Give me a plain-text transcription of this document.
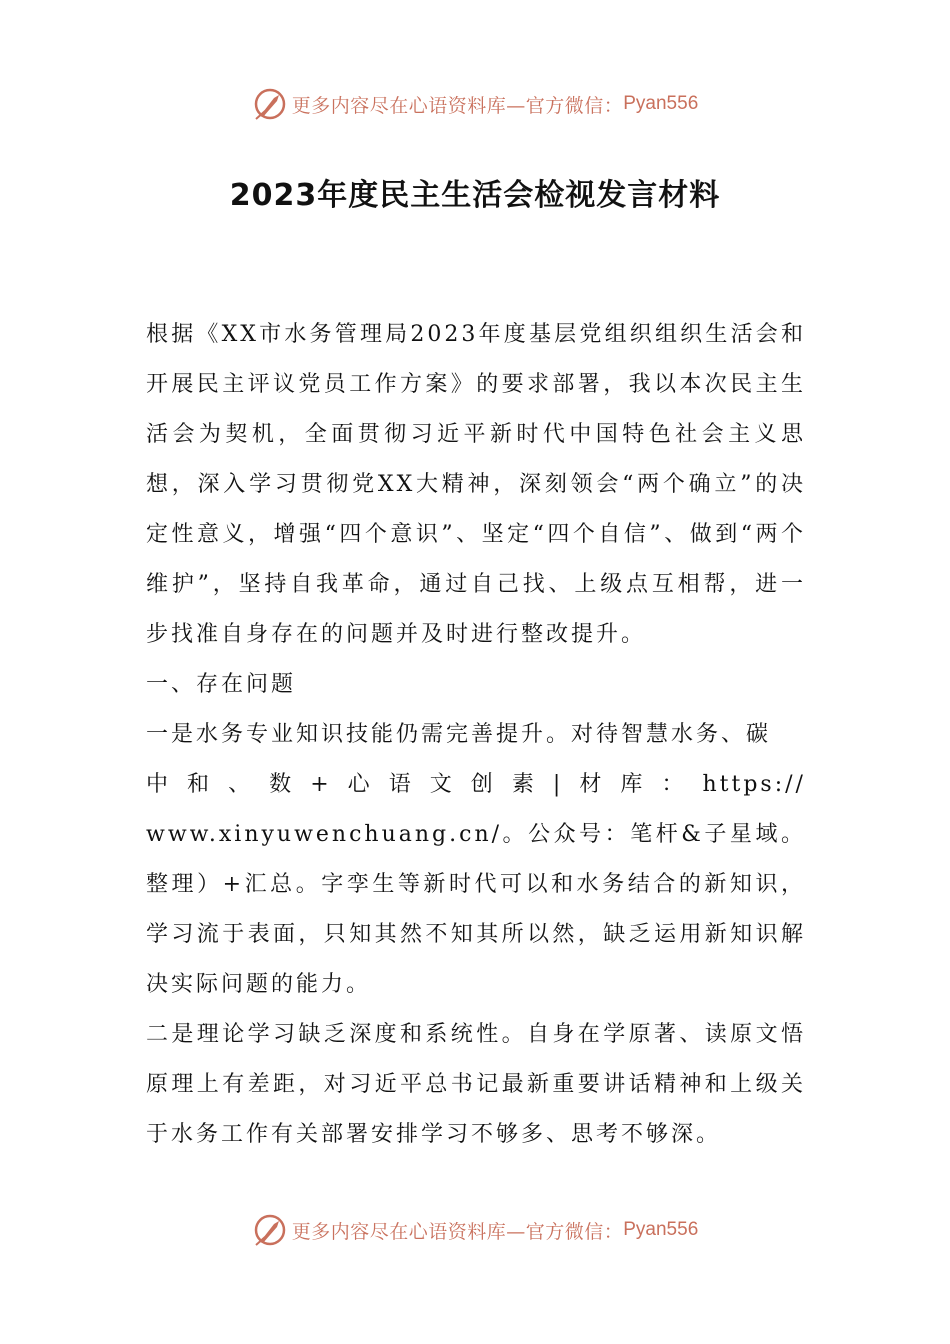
更多内容尽在心语资料库—官方微信： Pyan556
2023年度民主生活会检视发言材料

根据《XX市水务管理局2023年度基层党组织组织生活会和开展民主评议党员工作方案》的要求部署，我以本次民主生活会为契机，全面贯彻习近平新时代中国特色社会主义思想，深入学习贯彻党XX大精神，深刻领会“两个确立”的决定性意义，增强“四个意识”、坚定“四个自信”、做到“两个维护”，坚持自我革命，通过自己找、上级点互相帮，进一步找准自身存在的问题并及时进行整改提升。

一、存在问题

一是水务专业知识技能仍需完善提升。对待智慧水务、碳

中 和 、 数 + 心 语 文 创 素 | 材 库 ： https://

www.xinyuwenchuang.cn/。公众号：笔杆&子星域。整理）+汇总。字孪生等新时代可以和水务结合的新知识，学习流于表面，只知其然不知其所以然，缺乏运用新知识解决实际问题的能力。

二是理论学习缺乏深度和系统性。自身在学原著、读原文悟原理上有差距，对习近平总书记最新重要讲话精神和上级关于水务工作有关部署安排学习不够多、思考不够深。

更多内容尽在心语资料库—官方微信： Pyan556
